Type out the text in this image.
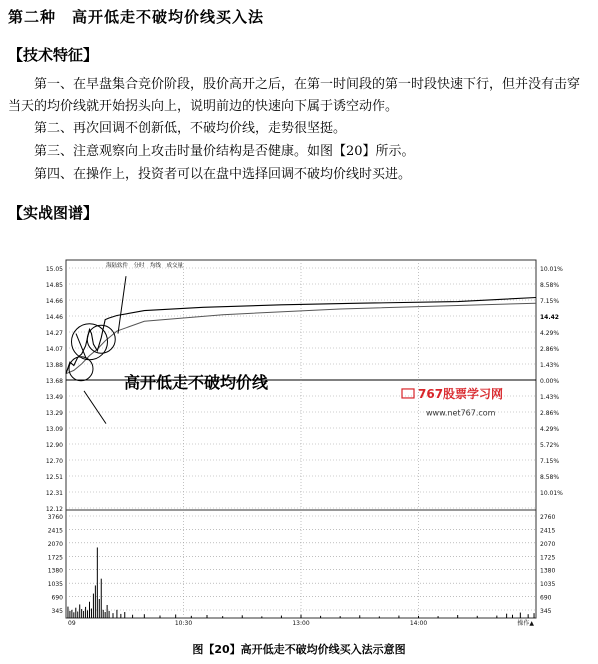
第二种　高开低走不破均价线买入法
【技术特征】
第一、在早盘集合竞价阶段，股价高开之后，在第一时间段的第一时段快速下行，但并没有击穿当天的均价线就开始拐头向上，说明前边的快速向下属于诱空动作。
第二、再次回调不创新低，不破均价线，走势很坚挺。
第三、注意观察向上攻击时量价结构是否健康。如图【20】所示。
第四、在操作上，投资者可以在盘中选择回调不破均价线时买进。
【实战图谱】
15.05	10.01%
14.85	8.58%
14.66	7.15%
14.46
14.27	4.29%
14.07	2.86%
13.88	1.43%
13.68	0.00%
13.49	1.43%
13.29	2.86%
13.09	4.29%
12.90	5.72%
12.70	7.15%
12.51	8.58%
12.31	10.01%
12.12
14.42
3760	2760
2415	2415
2070	2070
1725	1725
1380	1380
1035	1035
690	690
345	345
海陆软件　分时　均线　成交量
高开低走不破均价线
767股票学习网
www.net767.com
09	10:30	13:00	14:00	操作▲
图【20】高开低走不破均价线买入法示意图
